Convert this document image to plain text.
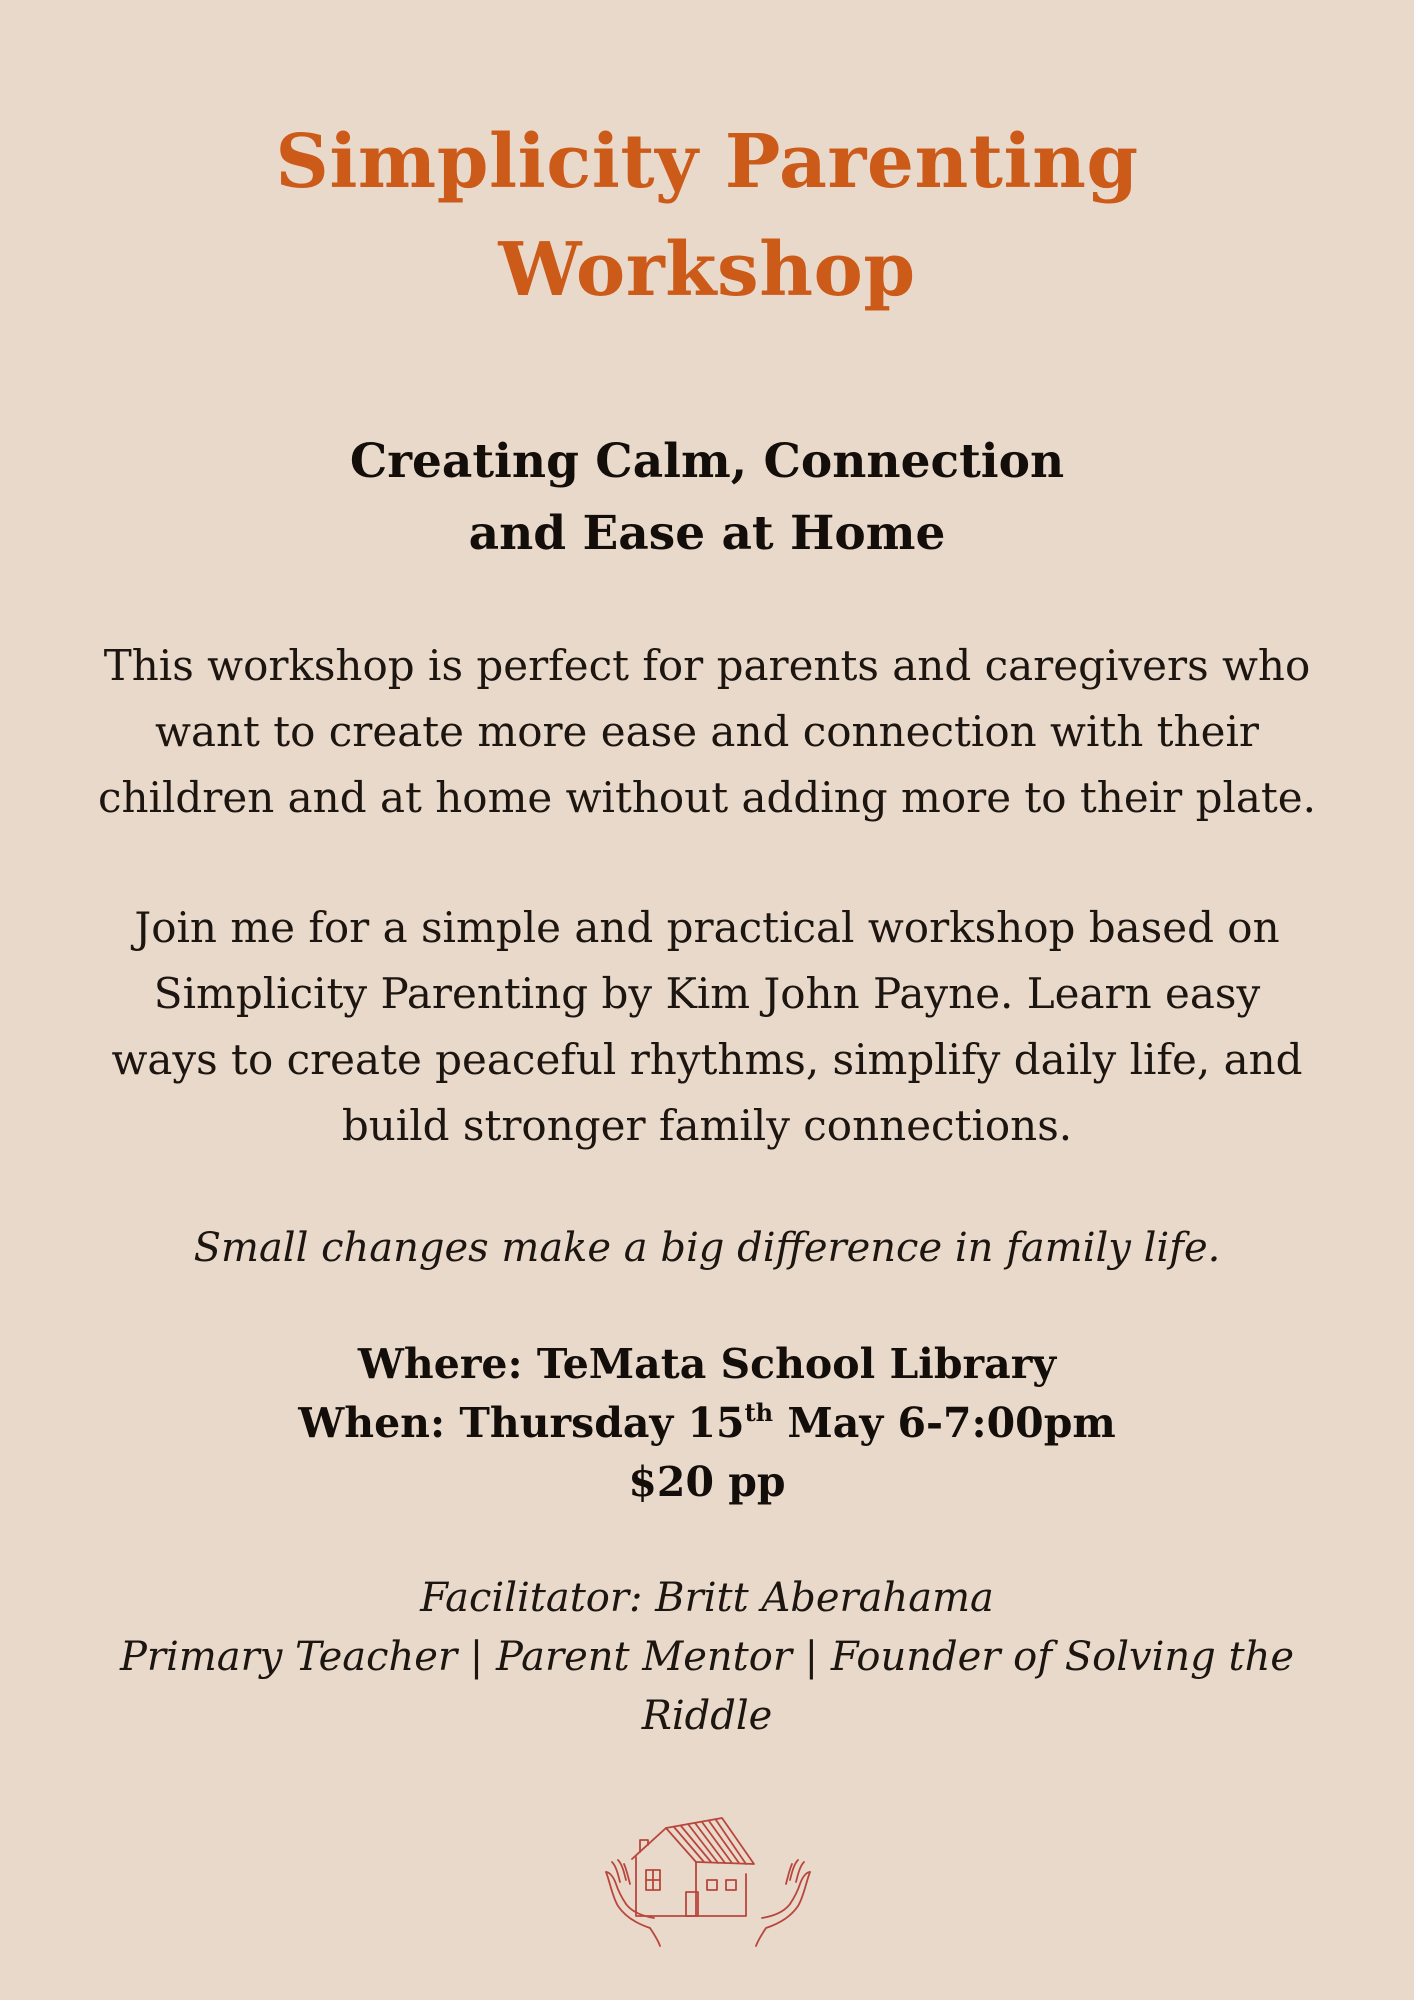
Simplicity Parenting
Workshop
Creating Calm, Connection
and Ease at Home

This workshop is perfect for parents and caregivers who
want to create more ease and connection with their
children and at home without adding more to their plate.

Join me for a simple and practical workshop based on
Simplicity Parenting by Kim John Payne. Learn easy
ways to create peaceful rhythms, simplify daily life, and
build stronger family connections.

Small changes make a big difference in family life.

Where: TeMata School Library
When: Thursday 15th May 6-7:00pm
$20 pp
Facilitator: Britt Aberahama
Primary Teacher | Parent Mentor | Founder of Solving the
Riddle
